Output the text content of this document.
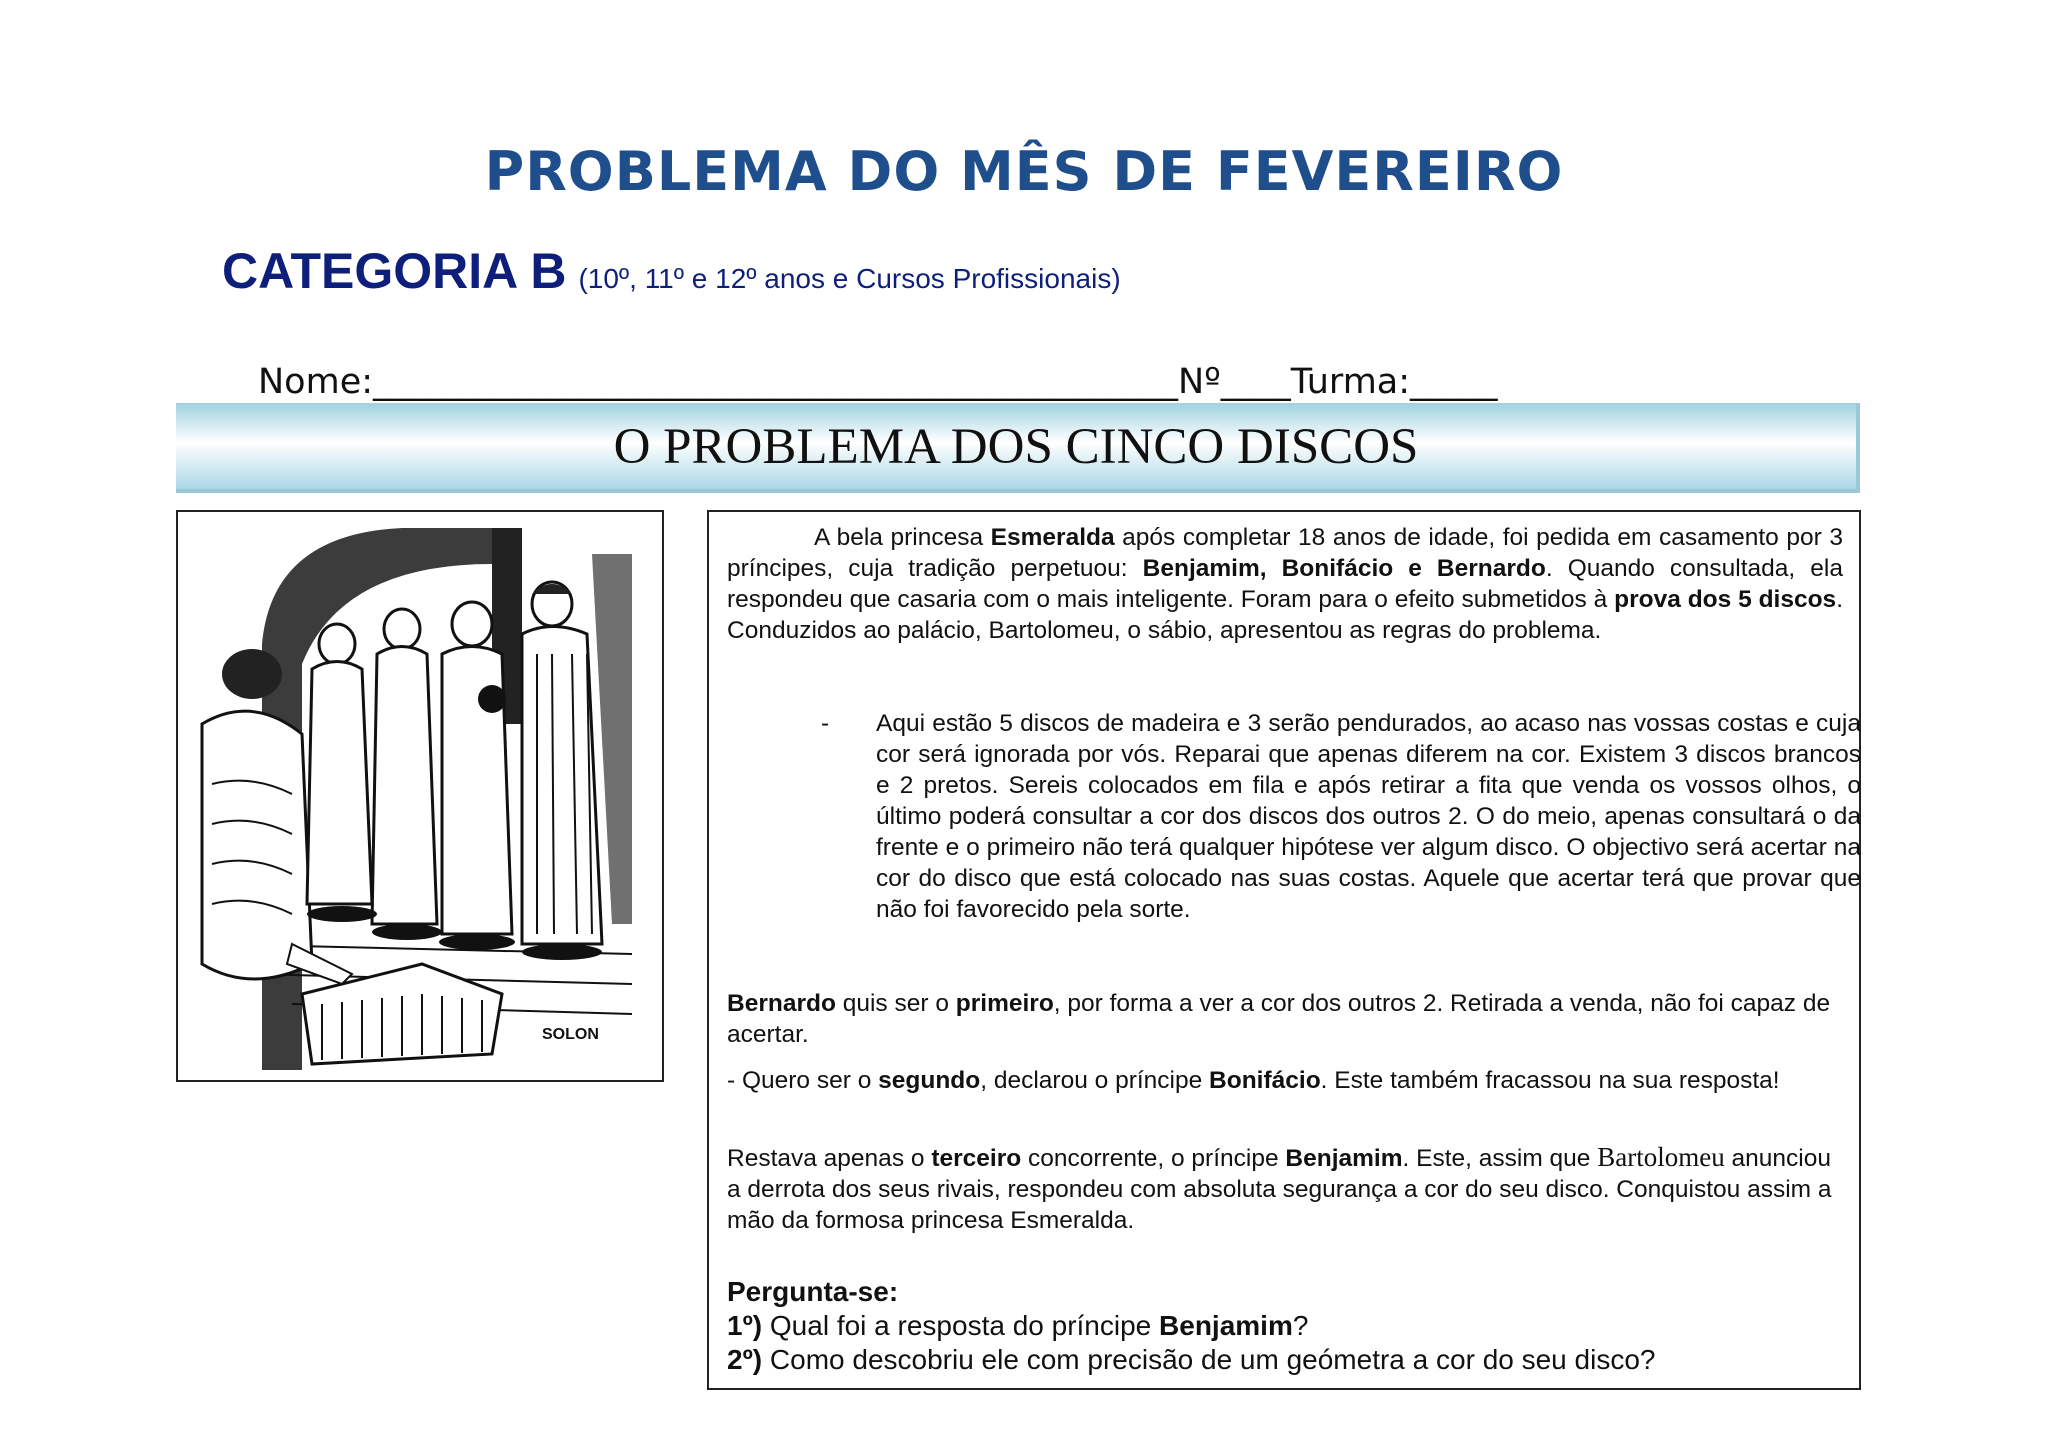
PROBLEMA DO MÊS DE FEVEREIRO
CATEGORIA B (10º, 11º e 12º anos e Cursos Profissionais)
Nome:______________________________________________Nº____Turma:_____
O PROBLEMA DOS CINCO DISCOS
SOLON
A bela princesa Esmeralda após completar 18 anos de idade, foi pedida em casamento por 3 príncipes, cuja tradição perpetuou: Benjamim, Bonifácio e Bernardo. Quando consultada, ela respondeu que casaria com o mais inteligente. Foram para o efeito submetidos à prova dos 5 discos. Conduzidos ao palácio, Bartolomeu, o sábio, apresentou as regras do problema.
- Aqui estão 5 discos de madeira e 3 serão pendurados, ao acaso nas vossas costas e cuja cor será ignorada por vós. Reparai que apenas diferem na cor. Existem 3 discos brancos e 2 pretos. Sereis colocados em fila e após retirar a fita que venda os vossos olhos, o último poderá consultar a cor dos discos dos outros 2. O do meio, apenas consultará o da frente e o primeiro não terá qualquer hipótese ver algum disco. O objectivo será acertar na cor do disco que está colocado nas suas costas. Aquele que acertar terá que provar que não foi favorecido pela sorte.
Bernardo quis ser o primeiro, por forma a ver a cor dos outros 2. Retirada a venda, não foi capaz de acertar.
- Quero ser o segundo, declarou o príncipe Bonifácio. Este também fracassou na sua resposta!
Restava apenas o terceiro concorrente, o príncipe Benjamim. Este, assim que Bartolomeu anunciou a derrota dos seus rivais, respondeu com absoluta segurança a cor do seu disco. Conquistou assim a mão da formosa princesa Esmeralda.
Pergunta-se:
1º) Qual foi a resposta do príncipe Benjamim?
2º) Como descobriu ele com precisão de um geómetra a cor do seu disco?
